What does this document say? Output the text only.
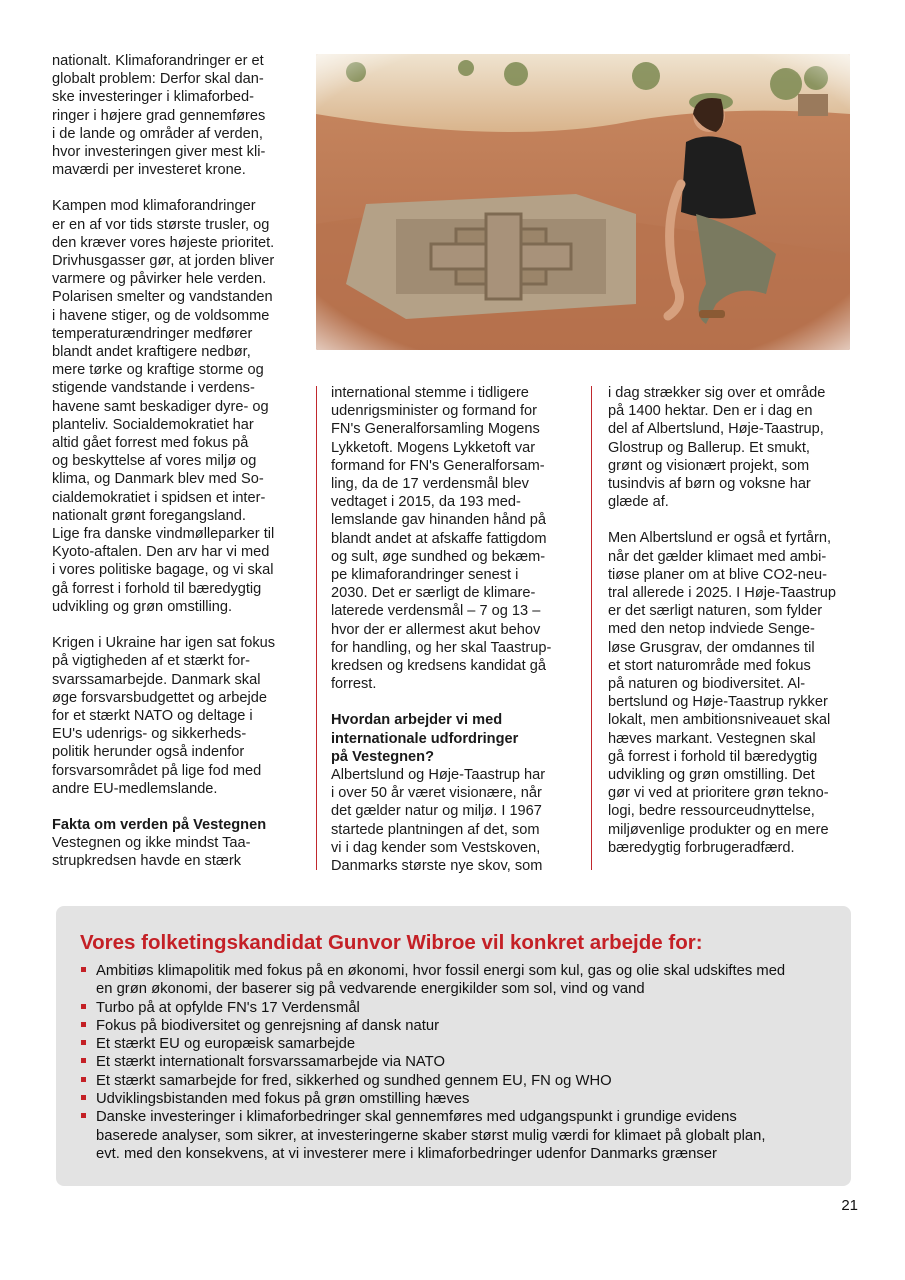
nationalt. Klimaforandringer er et
globalt problem: Derfor skal dan-
ske investeringer i klimaforbed-
ringer i højere grad gennemføres
i de lande og områder af verden,
hvor investeringen giver mest kli-
maværdi per investeret krone.

Kampen mod klimaforandringer
er en af vor tids største trusler, og
den kræver vores højeste prioritet.
Drivhusgasser gør, at jorden bliver
varmere og påvirker hele verden.
Polarisen smelter og vandstanden
i havene stiger, og de voldsomme
temperaturændringer medfører
blandt andet kraftigere nedbør,
mere tørke og kraftige storme og
stigende vandstande i verdens-
havene samt beskadiger dyre- og
planteliv. Socialdemokratiet har
altid gået forrest med fokus på
og beskyttelse af vores miljø og
klima, og Danmark blev med So-
cialdemokratiet i spidsen et inter-
nationalt grønt foregangsland.
Lige fra danske vindmølleparker til
Kyoto-aftalen. Den arv har vi med
i vores politiske bagage, og vi skal
gå forrest i forhold til bæredygtig
udvikling og grøn omstilling.

Krigen i Ukraine har igen sat fokus
på vigtigheden af et stærkt for-
svarssamarbejde. Danmark skal
øge forsvarsbudgettet og arbejde
for et stærkt NATO og deltage i
EU's udenrigs- og sikkerheds-
politik herunder også indenfor
forsvarsområdet på lige fod med
andre EU-medlemslande.

Fakta om verden på Vestegnen

Vestegnen og ikke mindst Taa-
strupkredsen havde en stærk

international stemme i tidligere
udenrigsminister og formand for
FN's Generalforsamling Mogens
Lykketoft. Mogens Lykketoft var
formand for FN's Generalforsam-
ling, da de 17 verdensmål blev
vedtaget i 2015, da 193 med-
lemslande gav hinanden hånd på
blandt andet at afskaffe fattigdom
og sult, øge sundhed og bekæm-
pe klimaforandringer senest i
2030. Det er særligt de klimare-
laterede verdensmål – 7 og 13 –
hvor der er allermest akut behov
for handling, og her skal Taastrup-
kredsen og kredsens kandidat gå
forrest.

Hvordan arbejder vi med
internationale udfordringer
på Vestegnen?

Albertslund og Høje-Taastrup har
i over 50 år været visionære, når
det gælder natur og miljø. I 1967
startede plantningen af det, som
vi i dag kender som Vestskoven,
Danmarks største nye skov, som

i dag strækker sig over et område
på 1400 hektar. Den er i dag en
del af Albertslund, Høje-Taastrup,
Glostrup og Ballerup. Et smukt,
grønt og visionært projekt, som
tusindvis af børn og voksne har
glæde af.

Men Albertslund er også et fyrtårn,
når det gælder klimaet med ambi-
tiøse planer om at blive CO2-neu-
tral allerede i 2025. I Høje-Taastrup
er det særligt naturen, som fylder
med den netop indviede Senge-
løse Grusgrav, der omdannes til
et stort naturområde med fokus
på naturen og biodiversitet. Al-
bertslund og Høje-Taastrup rykker
lokalt, men ambitionsniveauet skal
hæves markant. Vestegnen skal
gå forrest i forhold til bæredygtig
udvikling og grøn omstilling. Det
gør vi ved at prioritere grøn tekno-
logi, bedre ressourceudnyttelse,
miljøvenlige produkter og en mere
bæredygtig forbrugeradfærd.

Vores folketingskandidat Gunvor Wibroe vil konkret arbejde for:
Ambitiøs klimapolitik med fokus på en økonomi, hvor fossil energi som kul, gas og olie skal udskiftes med
en grøn økonomi, der baserer sig på vedvarende energikilder som sol, vind og vand
Turbo på at opfylde FN's 17 Verdensmål
Fokus på biodiversitet og genrejsning af dansk natur
Et stærkt EU og europæisk samarbejde
Et stærkt internationalt forsvarssamarbejde via NATO
Et stærkt samarbejde for fred, sikkerhed og sundhed gennem EU, FN og WHO
Udviklingsbistanden med fokus på grøn omstilling hæves
Danske investeringer i klimaforbedringer skal gennemføres med udgangspunkt i grundige evidens
baserede analyser, som sikrer, at investeringerne skaber størst mulig værdi for klimaet på globalt plan,
evt. med den konsekvens, at vi investerer mere i klimaforbedringer udenfor Danmarks grænser
21
